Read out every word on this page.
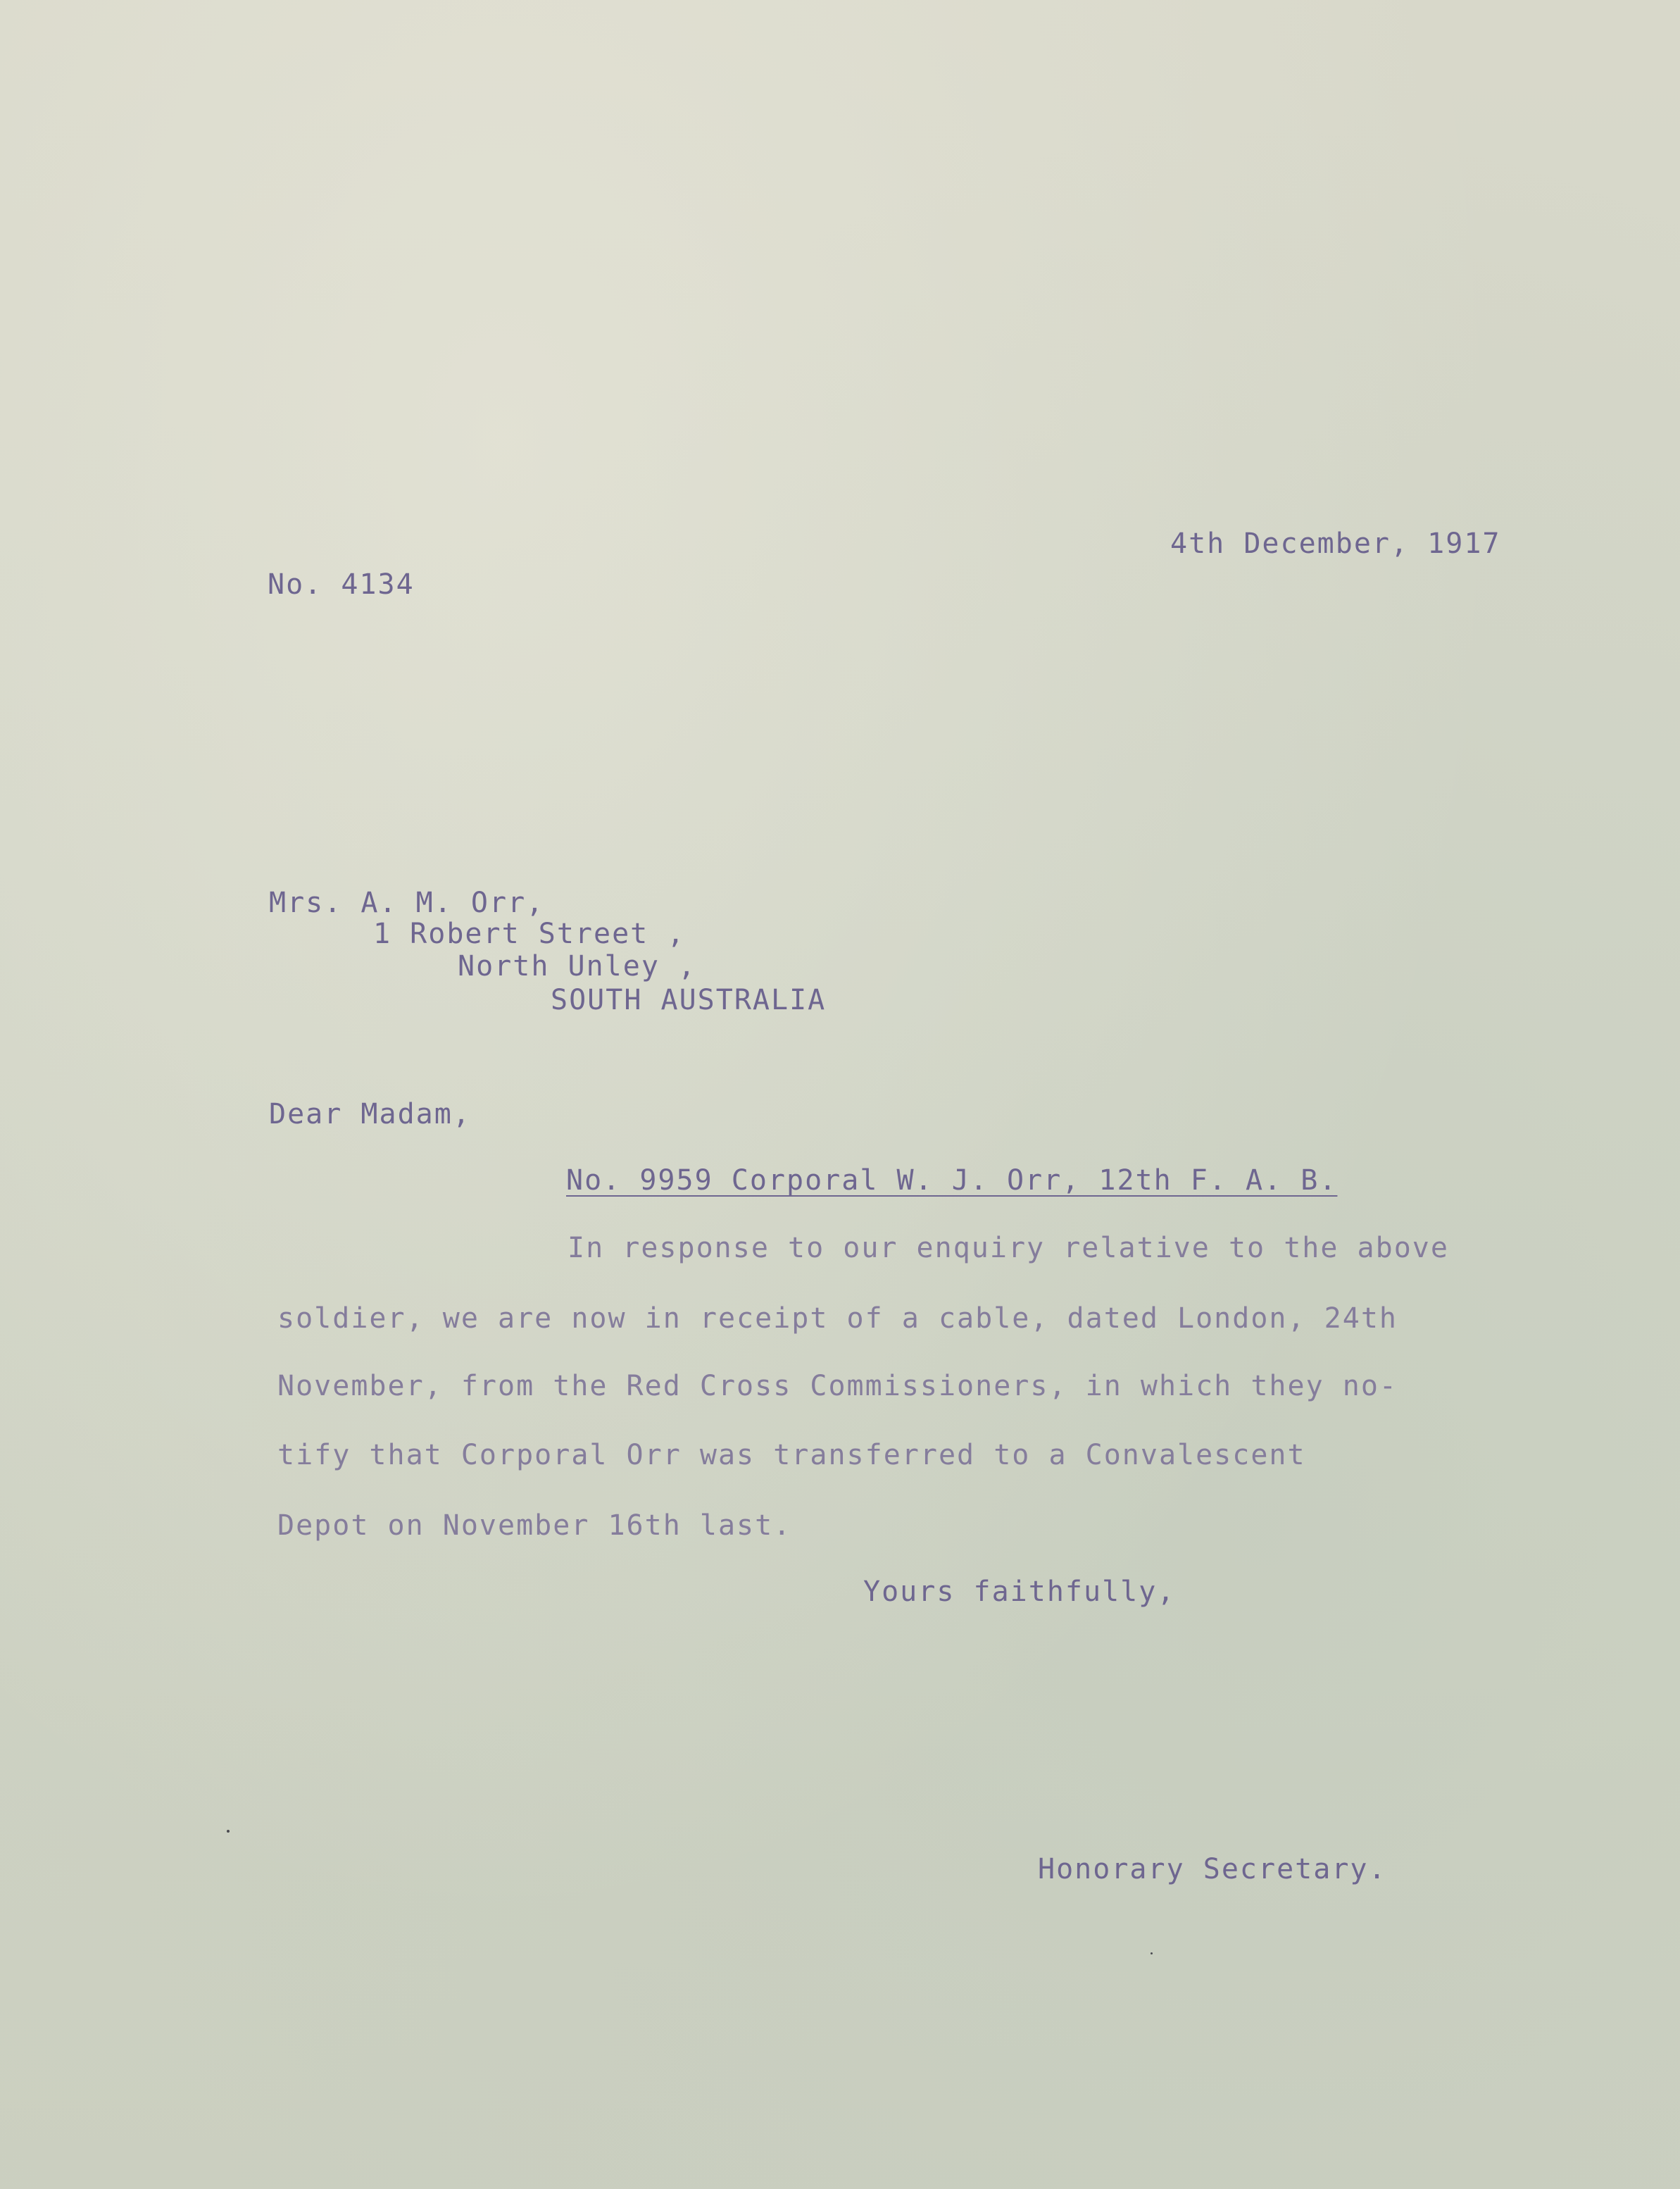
4th December, 1917
No. 4134
Mrs. A. M. Orr,
1 Robert Street ,
North Unley ,
SOUTH AUSTRALIA
Dear Madam,
No. 9959 Corporal W. J. Orr, 12th F. A. B.
In response to our enquiry relative to the above
soldier, we are now in receipt of a cable, dated London, 24th
November, from the Red Cross Commissioners, in which they no-
tify that Corporal Orr was transferred to a Convalescent
Depot on November 16th last.
Yours faithfully,
Honorary Secretary.
